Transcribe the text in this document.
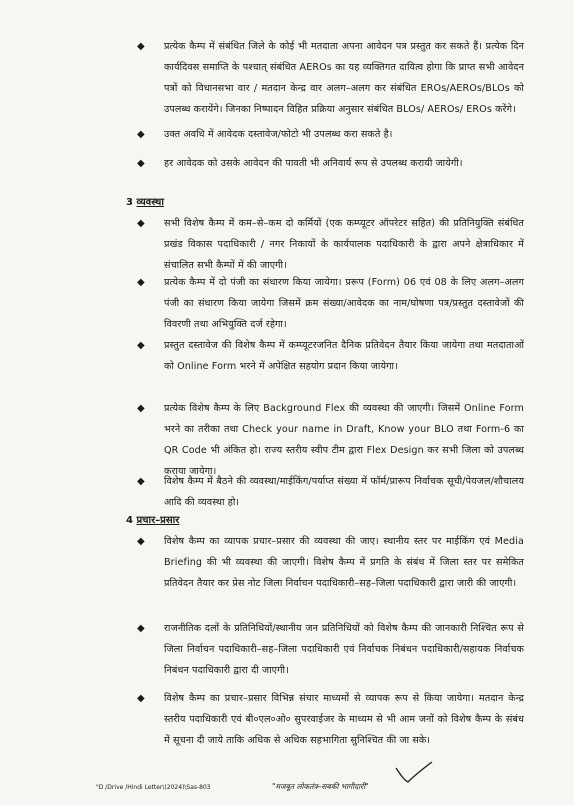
◆ प्रत्येक कैम्प में संबंधित जिले के कोई भी मतदाता अपना आवेदन पत्र प्रस्तुत कर सकते हैं। प्रत्येक दिन कार्यदिवस समाप्ति के पश्चात् संबंधित AEROs का यह व्यक्तिगत दायित्व होगा कि प्राप्त सभी आवेदन पत्रों को विधानसभा वार / मतदान केन्द्र वार अलग–अलग कर संबंधित EROs/AEROs/BLOs को उपलब्ध करायेंगे। जिनका निष्पादन विहित प्रक्रिया अनुसार संबंधित BLOs/ AEROs/ EROs करेंगे।
◆ उक्त अवधि में आवेदक दस्तावेज/फोटो भी उपलब्ध करा सकते है।
◆ हर आवेदक को उसके आवेदन की पावती भी अनिवार्य रूप से उपलब्ध करायी जायेगी।
3 व्यवस्था
◆ सभी विशेष कैम्प में कम–से–कम दो कर्मियों (एक कम्प्यूटर ऑपरेटर सहित) की प्रतिनियुक्ति संबंधित प्रखंड विकास पदाधिकारी / नगर निकायों के कार्यपालक पदाधिकारी के द्वारा अपने क्षेत्राधिकार में संचालित सभी कैम्पों में की जाएगी।
◆ प्रत्येक कैम्प में दो पंजी का संधारण किया जायेगा। प्ररूप (Form) 06 एवं 08 के लिए अलग–अलग पंजी का संधारण किया जायेगा जिसमें क्रम संख्या/आवेदक का नाम/घोषणा पत्र/प्रस्तुत दस्तावेजों की विवरणी तथा अभियुक्ति दर्ज रहेगा।
◆ प्रस्तुत दस्तावेज की विशेष कैम्प में कम्प्यूटरजनित दैनिक प्रतिवेदन तैयार किया जायेगा तथा मतदाताओं को Online Form भरने में अपेक्षित सहयोग प्रदान किया जायेगा।
◆ प्रत्येक विशेष कैम्प के लिए Background Flex की व्यवस्था की जाएगी। जिसमें Online Form भरने का तरीका तथा Check your name in Draft, Know your BLO तथा Form-6 का QR Code भी अंकित हो। राज्य स्तरीय स्वीप टीम द्वारा Flex Design कर सभी जिला को उपलब्ध कराया जायेगा।
◆ विशेष कैम्प में बैठने की व्यवस्था/माईकिंग/पर्याप्त संख्या में फॉर्म/प्रारूप निर्वाचक सूची/पेयजल/शौचालय आदि की व्यवस्था हो।
4 प्रचार–प्रसार
◆ विशेष कैम्प का व्यापक प्रचार–प्रसार की व्यवस्था की जाए। स्थानीय स्तर पर माईकिंग एवं Media Briefing की भी व्यवस्था की जाएगी। विशेष कैम्प में प्रगति के संबंध में जिला स्तर पर समेकित प्रतिवेदन तैयार कर प्रेस नोट जिला निर्वाचन पदाधिकारी–सह–जिला पदाधिकारी द्वारा जारी की जाएगी।
◆ राजनीतिक दलों के प्रतिनिधियों/स्थानीय जन प्रतिनिधियों को विशेष कैम्प की जानकारी निश्चित रूप से जिला निर्वाचन पदाधिकारी–सह–जिला पदाधिकारी एवं निर्वाचक निबंधन पदाधिकारी/सहायक निर्वाचक निबंधन पदाधिकारी द्वारा दी जाएगी।
◆ विशेष कैम्प का प्रचार–प्रसार विभिन्न संचार माध्यमों से व्यापक रूप से किया जायेगा। मतदान केन्द्र स्तरीय पदाधिकारी एवं बी०एल०ओ० सुपरवाईजर के माध्यम से भी आम जनों को विशेष कैम्प के संबंध में सूचना दी जाये ताकि अधिक से अधिक सहभागिता सुनिश्चित की जा सके।
"D /Drive /Hindi Letter\(2024)\Sas-803	"मजबूत लोकतंत्र–सबकी भागीदारी"
